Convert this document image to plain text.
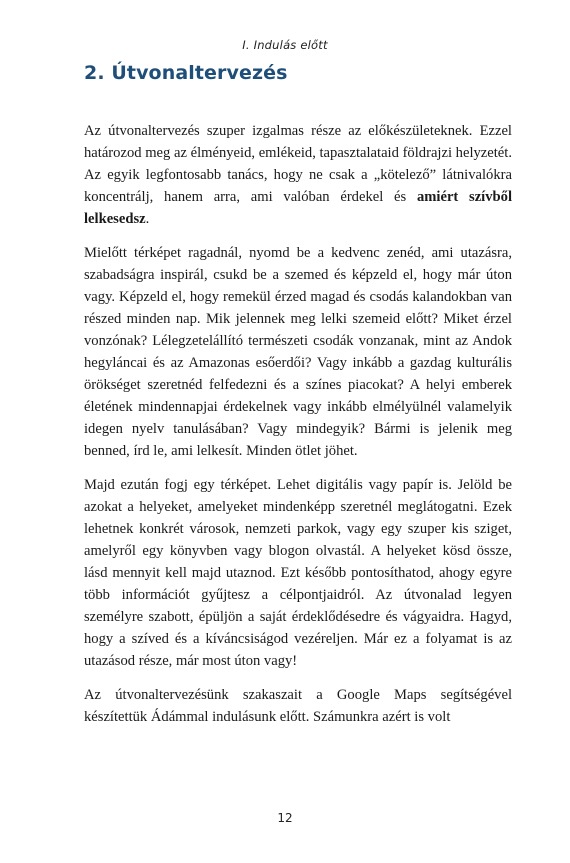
I. Indulás előtt
2. Útvonaltervezés

Az útvonaltervezés szuper izgalmas része az előkészületeknek. Ezzel határozod meg az élményeid, emlékeid, tapasztalataid földrajzi helyzetét. Az egyik legfontosabb tanács, hogy ne csak a „kötelező” látnivalókra koncentrálj, hanem arra, ami valóban érdekel és amiért szívből lelkesedsz.

Mielőtt térképet ragadnál, nyomd be a kedvenc zenéd, ami utazásra, szabadságra inspirál, csukd be a szemed és képzeld el, hogy már úton vagy. Képzeld el, hogy remekül érzed magad és csodás kalandokban van részed minden nap. Mik jelennek meg lelki szemeid előtt? Miket érzel vonzónak? Lélegzetelállító természeti csodák vonzanak, mint az Andok hegyláncai és az Amazonas esőerdői? Vagy inkább a gazdag kulturális örökséget szeretnéd felfedezni és a színes piacokat? A helyi emberek életének mindennapjai érdekelnek vagy inkább elmélyülnél valamelyik idegen nyelv tanulásában? Vagy mindegyik? Bármi is jelenik meg benned, írd le, ami lelkesít. Minden ötlet jöhet.

Majd ezután fogj egy térképet. Lehet digitális vagy papír is. Jelöld be azokat a helyeket, amelyeket mindenképp szeretnél meglátogatni. Ezek lehetnek konkrét városok, nemzeti parkok, vagy egy szuper kis sziget, amelyről egy könyvben vagy blogon olvastál. A helyeket kösd össze, lásd mennyit kell majd utaznod. Ezt később pontosíthatod, ahogy egyre több információt gyűjtesz a célpontjaidról. Az útvonalad legyen személyre szabott, épüljön a saját érdeklődésedre és vágyaidra. Hagyd, hogy a szíved és a kíváncsiságod vezéreljen. Már ez a folyamat is az utazásod része, már most úton vagy!

Az útvonaltervezésünk szakaszait a Google Maps segítségével készítettük Ádámmal indulásunk előtt. Számunkra azért is volt

12
